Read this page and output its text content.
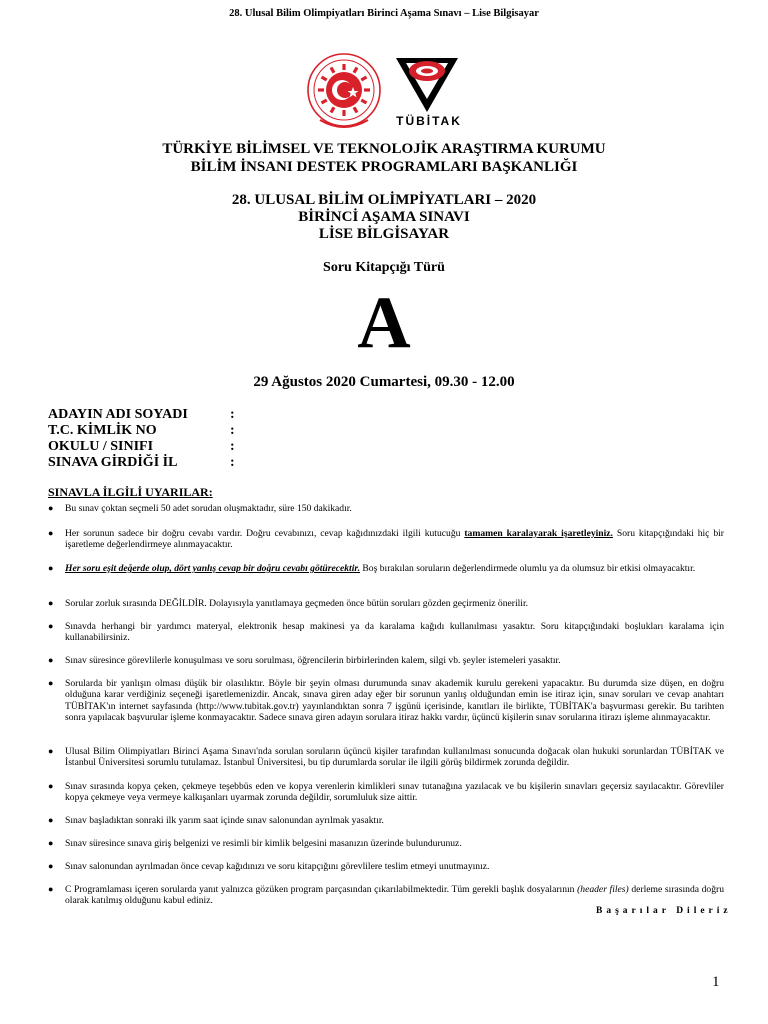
28. Ulusal Bilim Olimpiyatları Birinci Aşama Sınavı – Lise Bilgisayar
TÜBİTAK
TÜRKİYE BİLİMSEL VE TEKNOLOJİK ARAŞTIRMA KURUMU
BİLİM İNSANI DESTEK PROGRAMLARI BAŞKANLIĞI
28. ULUSAL BİLİM OLİMPİYATLARI – 2020
BİRİNCİ AŞAMA SINAVI
LİSE BİLGİSAYAR
Soru Kitapçığı Türü
A
29 Ağustos 2020 Cumartesi, 09.30 - 12.00
ADAYIN ADI SOYADI	:
T.C. KİMLİK NO	:
OKULU / SINIFI	:
SINAVA GİRDİĞİ İL	:
SINAVLA İLGİLİ UYARILAR:
● Bu sınav çoktan seçmeli 50 adet sorudan oluşmaktadır, süre 150 dakikadır.
● Her sorunun sadece bir doğru cevabı vardır. Doğru cevabınızı, cevap kağıdınızdaki ilgili kutucuğu tamamen karalayarak işaretleyiniz. Soru kitapçığındaki hiç bir işaretleme değerlendirmeye alınmayacaktır.
● Her soru eşit değerde olup, dört yanlış cevap bir doğru cevabı götürecektir. Boş bırakılan soruların değerlendirmede olumlu ya da olumsuz bir etkisi olmayacaktır.
● Sorular zorluk sırasında DEĞİLDİR. Dolayısıyla yanıtlamaya geçmeden önce bütün soruları gözden geçirmeniz önerilir.
● Sınavda herhangi bir yardımcı materyal, elektronik hesap makinesi ya da karalama kağıdı kullanılması yasaktır. Soru kitapçığındaki boşlukları karalama için kullanabilirsiniz.
● Sınav süresince görevlilerle konuşulması ve soru sorulması, öğrencilerin birbirlerinden kalem, silgi vb. şeyler istemeleri yasaktır.
● Sorularda bir yanlışın olması düşük bir olasılıktır. Böyle bir şeyin olması durumunda sınav akademik kurulu gerekeni yapacaktır. Bu durumda size düşen, en doğru olduğuna karar verdiğiniz seçeneği işaretlemenizdir. Ancak, sınava giren aday eğer bir sorunun yanlış olduğundan emin ise itiraz için, sınav soruları ve cevap anahtarı TÜBİTAK'ın internet sayfasında (http://www.tubitak.gov.tr) yayınlandıktan sonra 7 işgünü içerisinde, kanıtları ile birlikte, TÜBİTAK'a başvurması gerekir. Bu tarihten sonra yapılacak başvurular işleme konmayacaktır. Sadece sınava giren adayın sorulara itiraz hakkı vardır, üçüncü kişilerin sınav sorularına itirazı işleme alınmayacaktır.
● Ulusal Bilim Olimpiyatları Birinci Aşama Sınavı'nda sorulan soruların üçüncü kişiler tarafından kullanılması sonucunda doğacak olan hukuki sorunlardan TÜBİTAK ve İstanbul Üniversitesi sorumlu tutulamaz. İstanbul Üniversitesi, bu tip durumlarda sorular ile ilgili görüş bildirmek zorunda değildir.
● Sınav sırasında kopya çeken, çekmeye teşebbüs eden ve kopya verenlerin kimlikleri sınav tutanağına yazılacak ve bu kişilerin sınavları geçersiz sayılacaktır. Görevliler kopya çekmeye veya vermeye kalkışanları uyarmak zorunda değildir, sorumluluk size aittir.
● Sınav başladıktan sonraki ilk yarım saat içinde sınav salonundan ayrılmak yasaktır.
● Sınav süresince sınava giriş belgenizi ve resimli bir kimlik belgesini masanızın üzerinde bulundurunuz.
● Sınav salonundan ayrılmadan önce cevap kağıdınızı ve soru kitapçığını görevlilere teslim etmeyi unutmayınız.
● C Programlaması içeren sorularda yanıt yalnızca gözüken program parçasından çıkarılabilmektedir. Tüm gerekli başlık dosyalarının (header files) derleme sırasında doğru olarak katılmış olduğunu kabul ediniz.
Başarılar Dileriz
1
